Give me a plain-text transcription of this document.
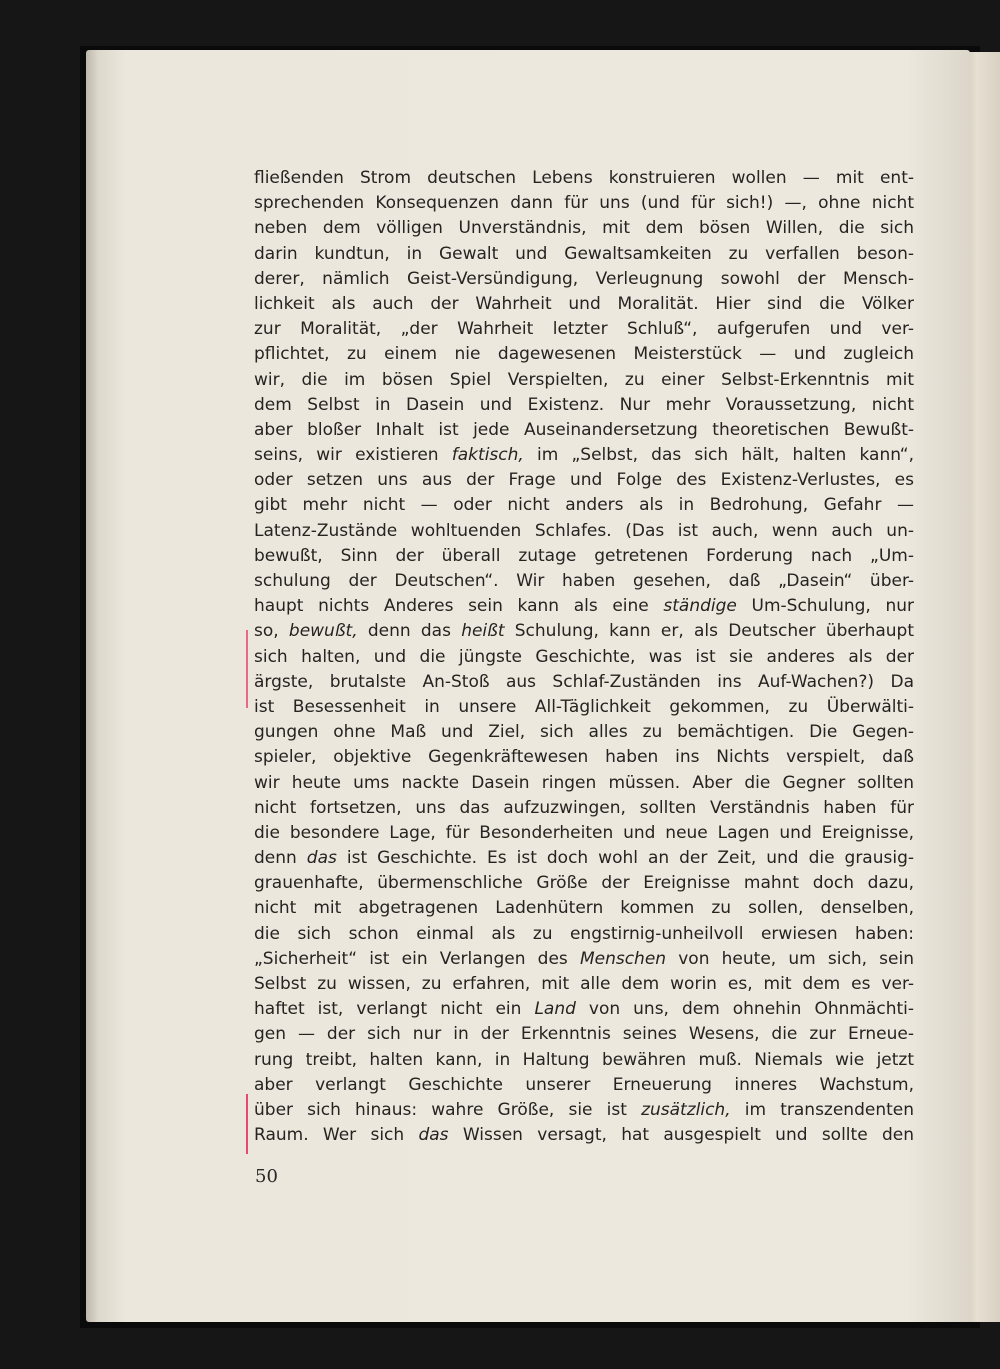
fließenden Strom deutschen Lebens konstruieren wollen — mit ent-
sprechenden Konsequenzen dann für uns (und für sich!) —, ohne nicht
neben dem völligen Unverständnis, mit dem bösen Willen, die sich
darin kundtun, in Gewalt und Gewaltsamkeiten zu verfallen beson-
derer, nämlich Geist-Versündigung, Verleugnung sowohl der Mensch-
lichkeit als auch der Wahrheit und Moralität. Hier sind die Völker
zur Moralität, „der Wahrheit letzter Schluß“, aufgerufen und ver-
pflichtet, zu einem nie dagewesenen Meisterstück — und zugleich
wir, die im bösen Spiel Verspielten, zu einer Selbst-Erkenntnis mit
dem Selbst in Dasein und Existenz. Nur mehr Voraussetzung, nicht
aber bloßer Inhalt ist jede Auseinandersetzung theoretischen Bewußt-
seins, wir existieren faktisch, im „Selbst, das sich hält, halten kann“,
oder setzen uns aus der Frage und Folge des Existenz-Verlustes, es
gibt mehr nicht — oder nicht anders als in Bedrohung, Gefahr —
Latenz-Zustände wohltuenden Schlafes. (Das ist auch, wenn auch un-
bewußt, Sinn der überall zutage getretenen Forderung nach „Um-
schulung der Deutschen“. Wir haben gesehen, daß „Dasein“ über-
haupt nichts Anderes sein kann als eine ständige Um-Schulung, nur
so, bewußt, denn das heißt Schulung, kann er, als Deutscher überhaupt
sich halten, und die jüngste Geschichte, was ist sie anderes als der
ärgste, brutalste An-Stoß aus Schlaf-Zuständen ins Auf-Wachen?) Da
ist Besessenheit in unsere All-Täglichkeit gekommen, zu Überwälti-
gungen ohne Maß und Ziel, sich alles zu bemächtigen. Die Gegen-
spieler, objektive Gegenkräftewesen haben ins Nichts verspielt, daß
wir heute ums nackte Dasein ringen müssen. Aber die Gegner sollten
nicht fortsetzen, uns das aufzuzwingen, sollten Verständnis haben für
die besondere Lage, für Besonderheiten und neue Lagen und Ereignisse,
denn das ist Geschichte. Es ist doch wohl an der Zeit, und die grausig-
grauenhafte, übermenschliche Größe der Ereignisse mahnt doch dazu,
nicht mit abgetragenen Ladenhütern kommen zu sollen, denselben,
die sich schon einmal als zu engstirnig-unheilvoll erwiesen haben:
„Sicherheit“ ist ein Verlangen des Menschen von heute, um sich, sein
Selbst zu wissen, zu erfahren, mit alle dem worin es, mit dem es ver-
haftet ist, verlangt nicht ein Land von uns, dem ohnehin Ohnmächti-
gen — der sich nur in der Erkenntnis seines Wesens, die zur Erneue-
rung treibt, halten kann, in Haltung bewähren muß. Niemals wie jetzt
aber verlangt Geschichte unserer Erneuerung inneres Wachstum,
über sich hinaus: wahre Größe, sie ist zusätzlich, im transzendenten
Raum. Wer sich das Wissen versagt, hat ausgespielt und sollte den
50
